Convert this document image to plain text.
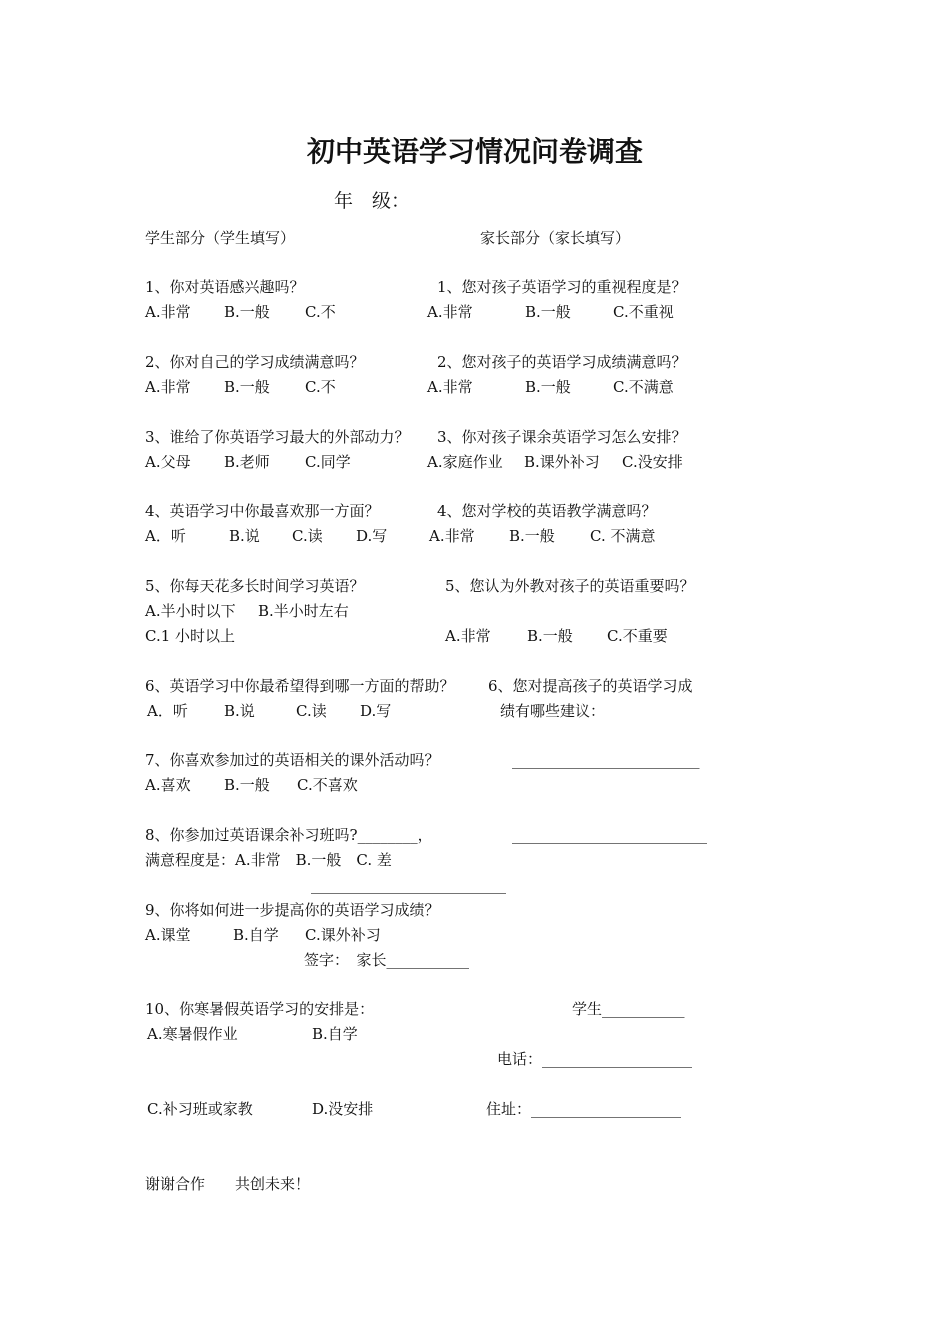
初中英语学习情况问卷调查
年　级：
学生部分（学生填写）	家长部分（家长填写）
1、你对英语感兴趣吗？	1、您对孩子英语学习的重视程度是？
A.非常 B.一般 C.不	A.非常	B.一般	C.不重视
2、你对自己的学习成绩满意吗？	2、您对孩子的英语学习成绩满意吗？
A.非常 B.一般 C.不	A.非常	B.一般	C.不满意
3、谁给了你英语学习最大的外部动力？ 3、你对孩子课余英语学习怎么安排？
A.父母 B.老师 C.同学	A.家庭作业 B.课外补习 C.没安排
4、英语学习中你最喜欢那一方面？	4、您对学校的英语教学满意吗？
A．听	B.说 C.读 D.写	A.非常 B.一般 C. 不满意
5、你每天花多长时间学习英语？	5、您认为外教对孩子的英语重要吗？
A.半小时以下 B.半小时左右
C.1 小时以上	A.非常 B.一般 C.不重要
6、英语学习中你最希望得到哪一方面的帮助？ 6、您对提高孩子的英语学习成
A．听 B.说	C.读 D.写	绩有哪些建议：
7、你喜欢参加过的英语相关的课外活动吗？	_________________________
A.喜欢 B.一般 C.不喜欢
8、你参加过英语课余补习班吗?________，	__________________________
满意程度是：A.非常　B.一般　C. 差
__________________________
9、你将如何进一步提高你的英语学习成绩？
A.课堂	B.自学 C.课外补习
签字：　家长___________
10、你寒暑假英语学习的安排是：	学生___________
A.寒暑假作业	B.自学
电话：____________________
C.补习班或家教	D.没安排	住址：____________________
谢谢合作　　共创未来！
